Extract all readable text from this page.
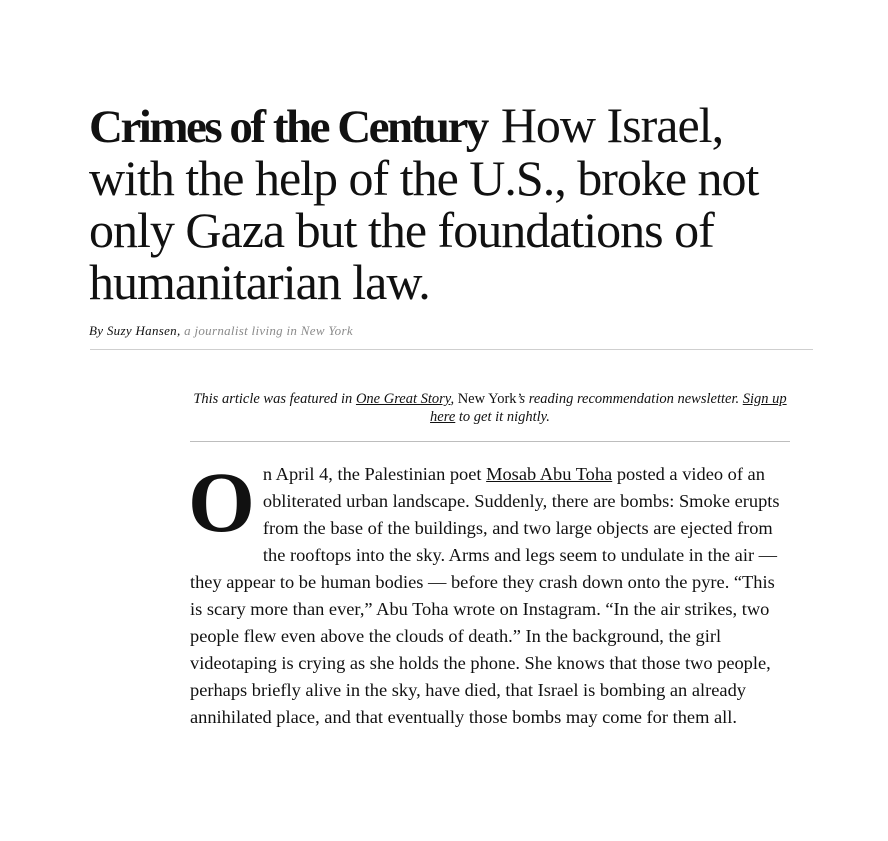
Crimes of the Century How Israel, with the help of the U.S., broke not only Gaza but the foundations of humanitarian law.
By Suzy Hansen, a journalist living in New York
This article was featured in One Great Story, New York’s reading recommendation newsletter. Sign up here to get it nightly.

On April 4, the Palestinian poet Mosab Abu Toha posted a video of an obliterated urban landscape. Suddenly, there are bombs: Smoke erupts from the base of the buildings, and two large objects are ejected from the rooftops into the sky. Arms and legs seem to undulate in the air — they appear to be human bodies — before they crash down onto the pyre. “This is scary more than ever,” Abu Toha wrote on Instagram. “In the air strikes, two people flew even above the clouds of death.” In the background, the girl videotaping is crying as she holds the phone. She knows that those two people, perhaps briefly alive in the sky, have died, that Israel is bombing an already annihilated place, and that eventually those bombs may come for them all.
